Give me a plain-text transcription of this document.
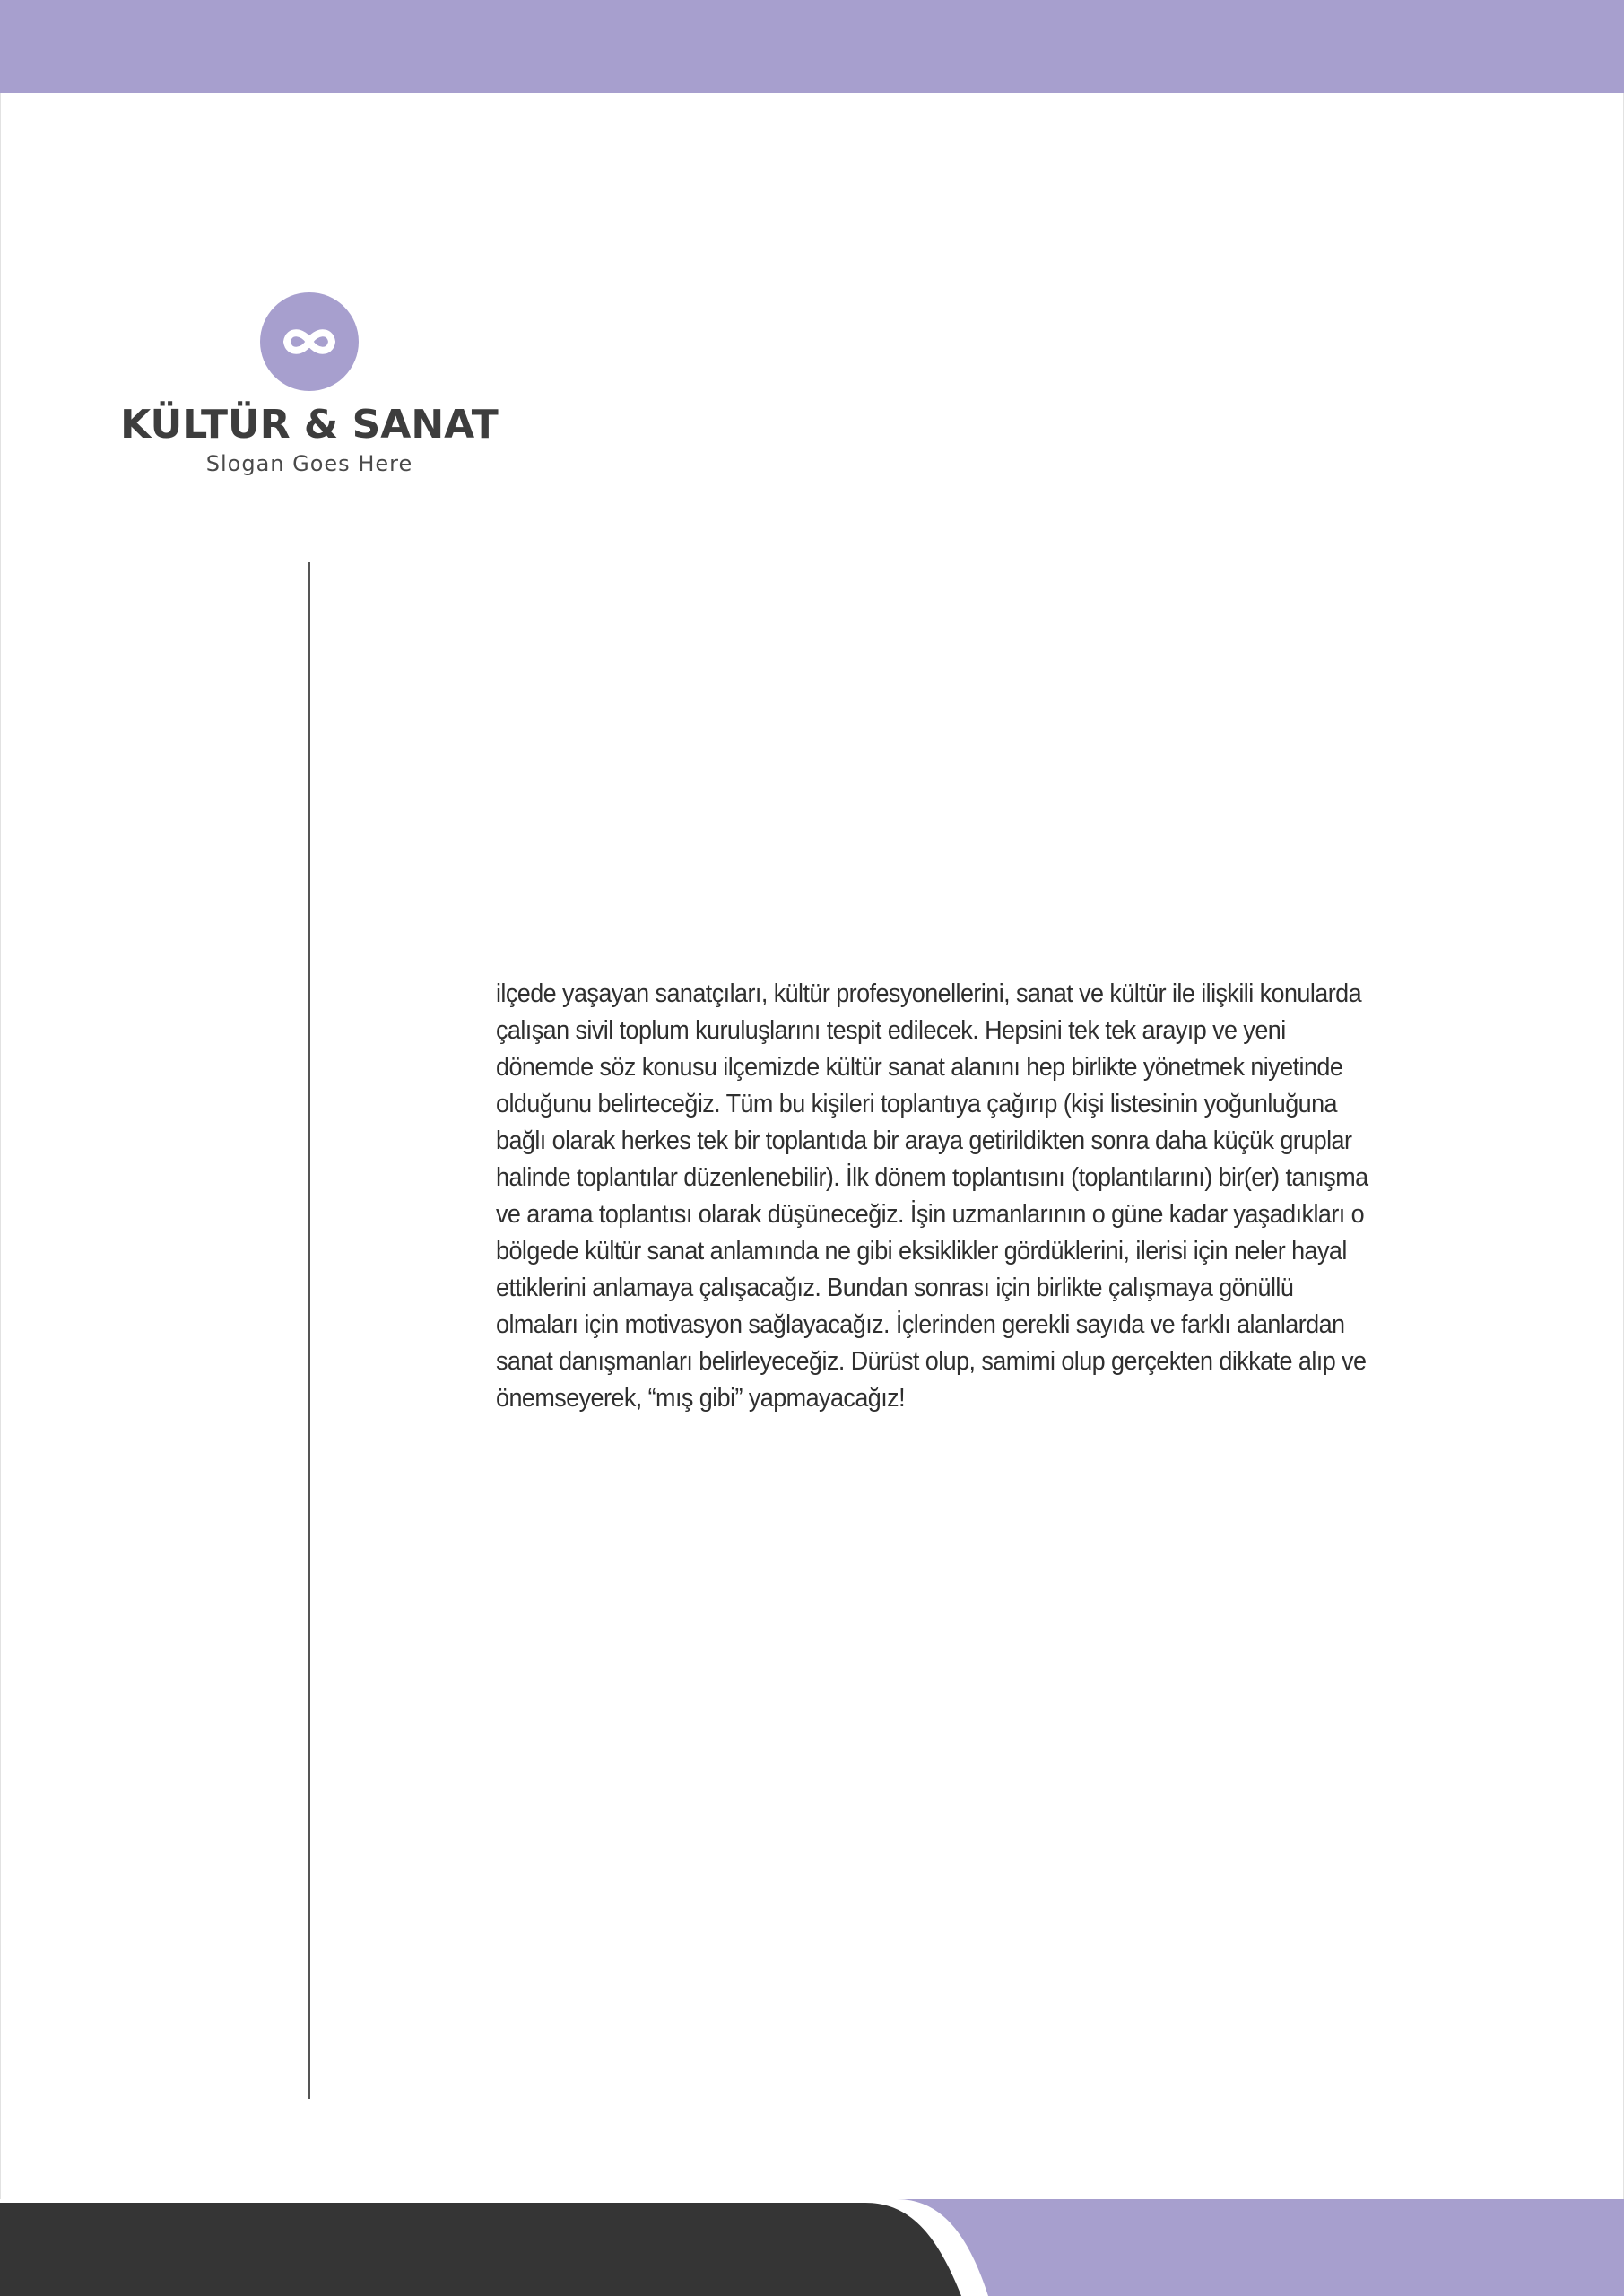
KÜLTÜR & SANAT
Slogan Goes Here
ilçede yaşayan sanatçıları, kültür profesyonellerini, sanat ve kültür ile ilişkili konularda çalışan sivil toplum kuruluşlarını tespit edilecek. Hepsini tek tek arayıp ve yeni dönemde söz konusu ilçemizde kültür sanat alanını hep birlikte yönetmek niyetinde olduğunu belirteceğiz. Tüm bu kişileri toplantıya çağırıp (kişi listesinin yoğunluğuna bağlı olarak herkes tek bir toplantıda bir araya getirildikten sonra daha küçük gruplar halinde toplantılar düzenlenebilir). İlk dönem toplantısını (toplantılarını) bir(er) tanışma ve arama toplantısı olarak düşüneceğiz. İşin uzmanlarının o güne kadar yaşadıkları o bölgede kültür sanat anlamında ne gibi eksiklikler gördüklerini, ilerisi için neler hayal ettiklerini anlamaya çalışacağız. Bundan sonrası için birlikte çalışmaya gönüllü olmaları için motivasyon sağlayacağız. İçlerinden gerekli sayıda ve farklı alanlardan sanat danışmanları belirleyeceğiz. Dürüst olup, samimi olup gerçekten dikkate alıp ve önemseyerek, “mış gibi” yapmayacağız!
